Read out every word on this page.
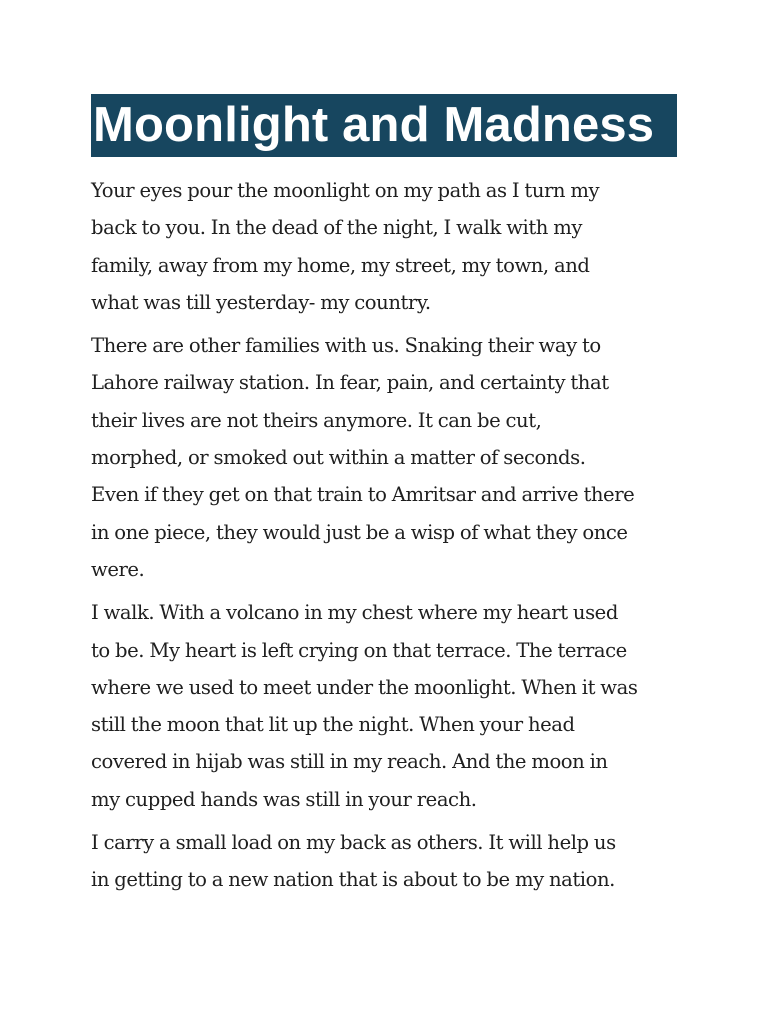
Moonlight and Madness

Your eyes pour the moonlight on my path as I turn my
back to you. In the dead of the night, I walk with my
family, away from my home, my street, my town, and
what was till yesterday- my country.

There are other families with us. Snaking their way to
Lahore railway station. In fear, pain, and certainty that
their lives are not theirs anymore. It can be cut,
morphed, or smoked out within a matter of seconds.
Even if they get on that train to Amritsar and arrive there
in one piece, they would just be a wisp of what they once
were.

I walk. With a volcano in my chest where my heart used
to be. My heart is left crying on that terrace. The terrace
where we used to meet under the moonlight. When it was
still the moon that lit up the night. When your head
covered in hijab was still in my reach. And the moon in
my cupped hands was still in your reach.

I carry a small load on my back as others. It will help us
in getting to a new nation that is about to be my nation.
